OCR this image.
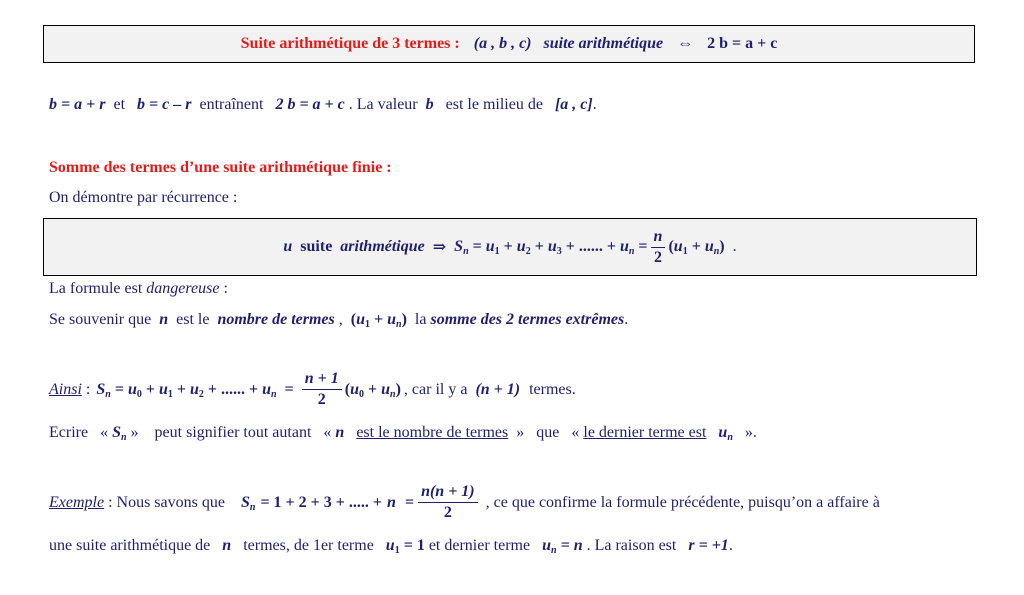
Suite arithmétique de 3 termes : (a , b , c) suite arithmétique ⇔ 2 b = a + c
b = a + r et b = c – r entraînent 2 b = a + c . La valeur b est le milieu de [a , c].
Somme des termes d’une suite arithmétique finie :
On démontre par récurrence :
u
suite
arithmétique
⇒
$S_n = u_1 + u_2 + u_3$ + ...... + $u_n = \frac{n}{2} (u_1 + u_n)$
.
La formule est dangereuse :
Se souvenir que n est le nombre de termes , $(u_1 + u_n)$ la somme des 2 termes extrêmes.
Ainsi : $S_n = u_0 + u_1 + u_2$ + ...... + $u_n = \frac{n + 1}{2} (u_0 + u_n)$ , car il y a (n + 1) termes.
Ecrire « $S_n$ » peut signifier tout autant « n est le nombre de termes » que « le dernier terme est $u_n$ ».
Exemple : Nous savons que $S_n = 1 + 2 + 3$ + ..... + $n = \frac{n(n + 1)}{2}$ , ce que confirme la formule précédente, puisqu’on a affaire à
une suite arithmétique de n termes, de 1er terme $u_1 = 1$ et dernier terme $u_n = n$ . La raison est r = +1.
